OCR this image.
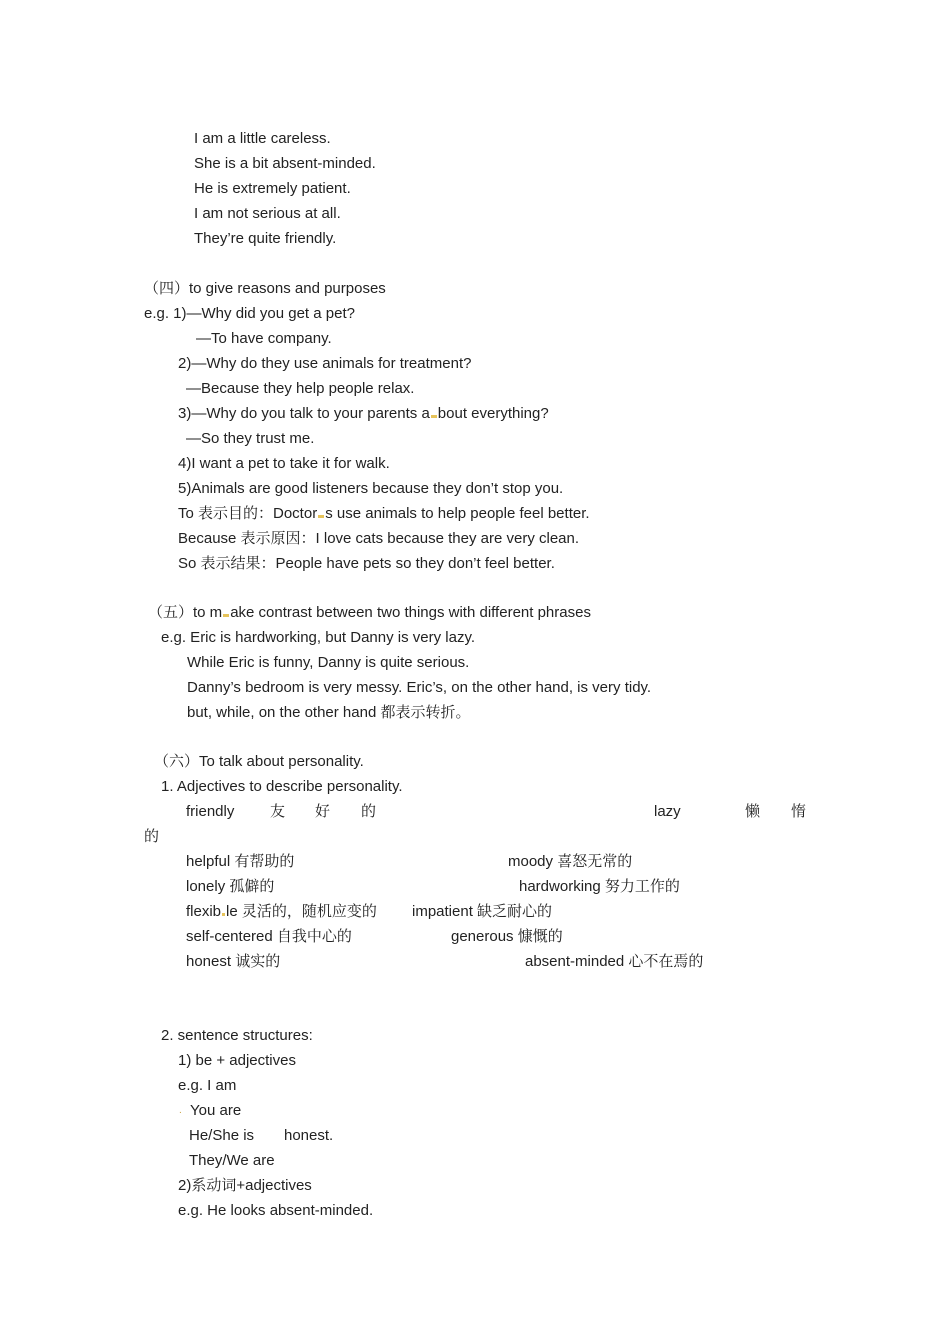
I am a little careless.
She is a bit absent-minded.
He is extremely patient.
I am not serious at all.
They’re quite friendly.
（四）to give reasons and purposes
e.g. 1)—Why did you get a pet?
—To have company.
2)—Why do they use animals for treatment?
—Because they help people relax.
3)—Why do you talk to your parents a bout everything?
—So they trust me.
4)I want a pet to take it for walk.
5)Animals are good listeners because they don’t stop you.
To 表示目的：Doctor s use animals to help people feel better.
Because 表示原因：I love cats because they are very clean.
So 表示结果：People have pets so they don’t feel better.
（五）to m ake contrast between two things with different phrases
e.g. Eric is hardworking, but Danny is very lazy.
While Eric is funny, Danny is quite serious.
Danny’s bedroom is very messy. Eric’s, on the other hand, is very tidy.
but, while, on the other hand 都表示转折。
（六）To talk about personality.
1. Adjectives to describe personality.
friendly 友 好 的	lazy	懒 惰
的
helpful 有帮助的	moody 喜怒无常的
lonely 孤僻的	hardworking 努力工作的
flexib le 灵活的，随机应变的 impatient 缺乏耐心的
self-centered 自我中心的	generous 慷慨的
honest 诚实的	absent-minded 心不在焉的
2. sentence structures:
1) be + adjectives
e.g. I am
. You are
He/She is honest.
They/We are
2)系动词+adjectives
e.g. He looks absent-minded.
